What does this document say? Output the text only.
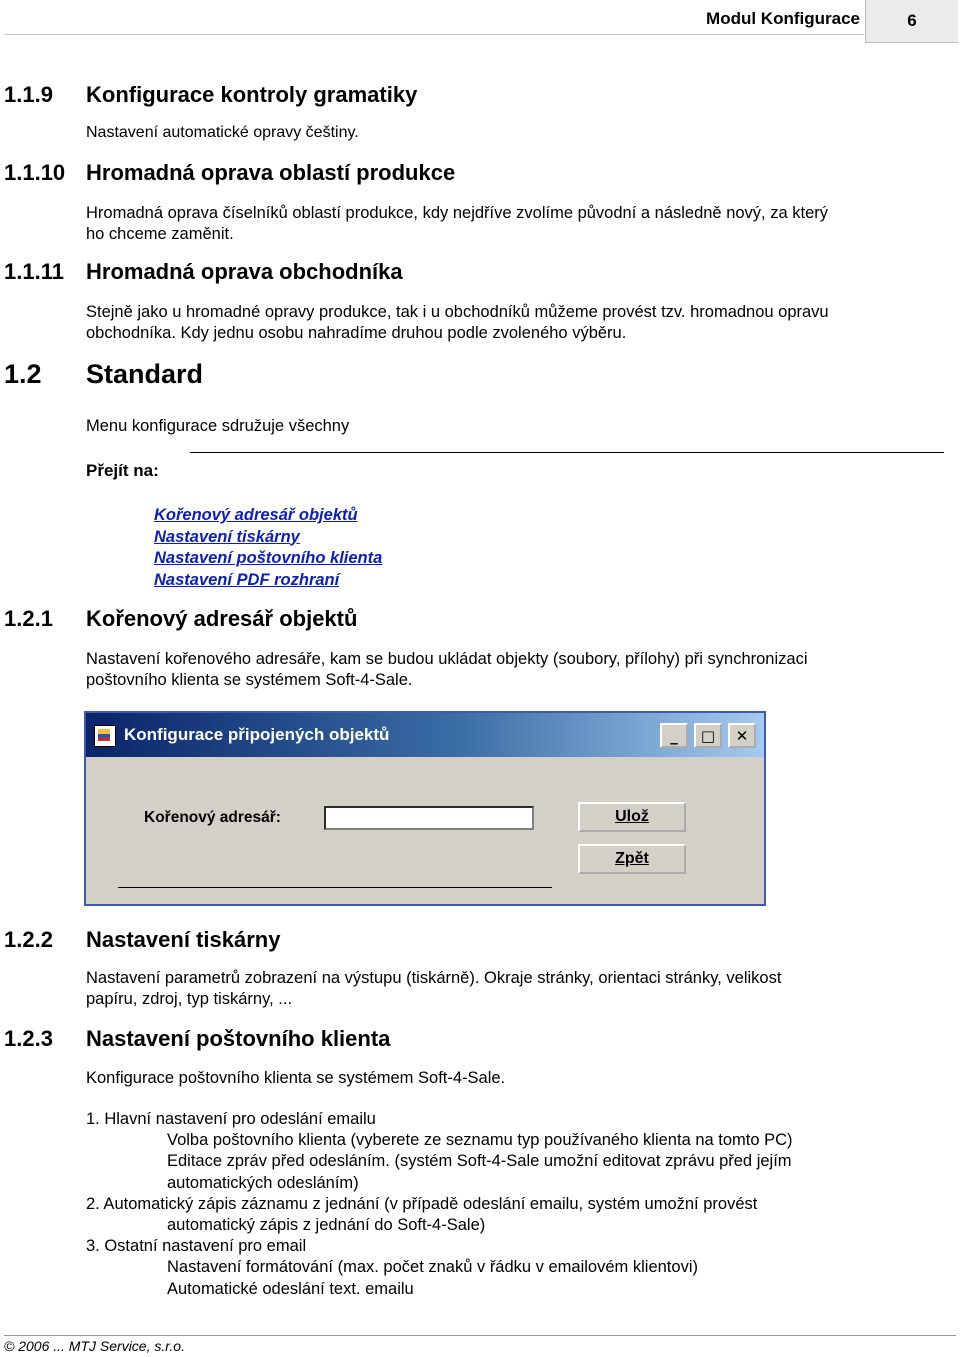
Modul Konfigurace	6
1.1.9 Konfigurace kontroly gramatiky
Nastavení automatické opravy češtiny.
1.1.10 Hromadná oprava oblastí produkce
Hromadná oprava číselníků oblastí produkce, kdy nejdříve zvolíme původní a následně nový, za který
ho chceme zaměnit.
1.1.11 Hromadná oprava obchodníka
Stejně jako u hromadné opravy produkce, tak i u obchodníků můžeme provést tzv. hromadnou opravu
obchodníka. Kdy jednu osobu nahradíme druhou podle zvoleného výběru.
1.2 Standard
Menu konfigurace sdružuje všechny
Přejít na:
Kořenový adresář objektů
Nastavení tiskárny
Nastavení poštovního klienta
Nastavení PDF rozhraní
1.2.1 Kořenový adresář objektů
Nastavení kořenového adresáře, kam se budou ukládat objekty (soubory, přílohy) při synchronizaci
poštovního klienta se systémem Soft-4-Sale.
Konfigurace připojených objektů	_	□	✕
Kořenový adresář:	Ulož
Zpět
1.2.2 Nastavení tiskárny
Nastavení parametrů zobrazení na výstupu (tiskárně). Okraje stránky, orientaci stránky, velikost
papíru, zdroj, typ tiskárny, ...
1.2.3 Nastavení poštovního klienta
Konfigurace poštovního klienta se systémem Soft-4-Sale.
1. Hlavní nastavení pro odeslání emailu
Volba poštovního klienta (vyberete ze seznamu typ používaného klienta na tomto PC)
Editace zpráv před odesláním. (systém Soft-4-Sale umožní editovat zprávu před jejím
automatických odesláním)
2. Automatický zápis záznamu z jednání (v případě odeslání emailu, systém umožní provést
automatický zápis z jednání do Soft-4-Sale)
3. Ostatní nastavení pro email
Nastavení formátování (max. počet znaků v řádku v emailovém klientovi)
Automatické odeslání text. emailu
© 2006 ... MTJ Service, s.r.o.
